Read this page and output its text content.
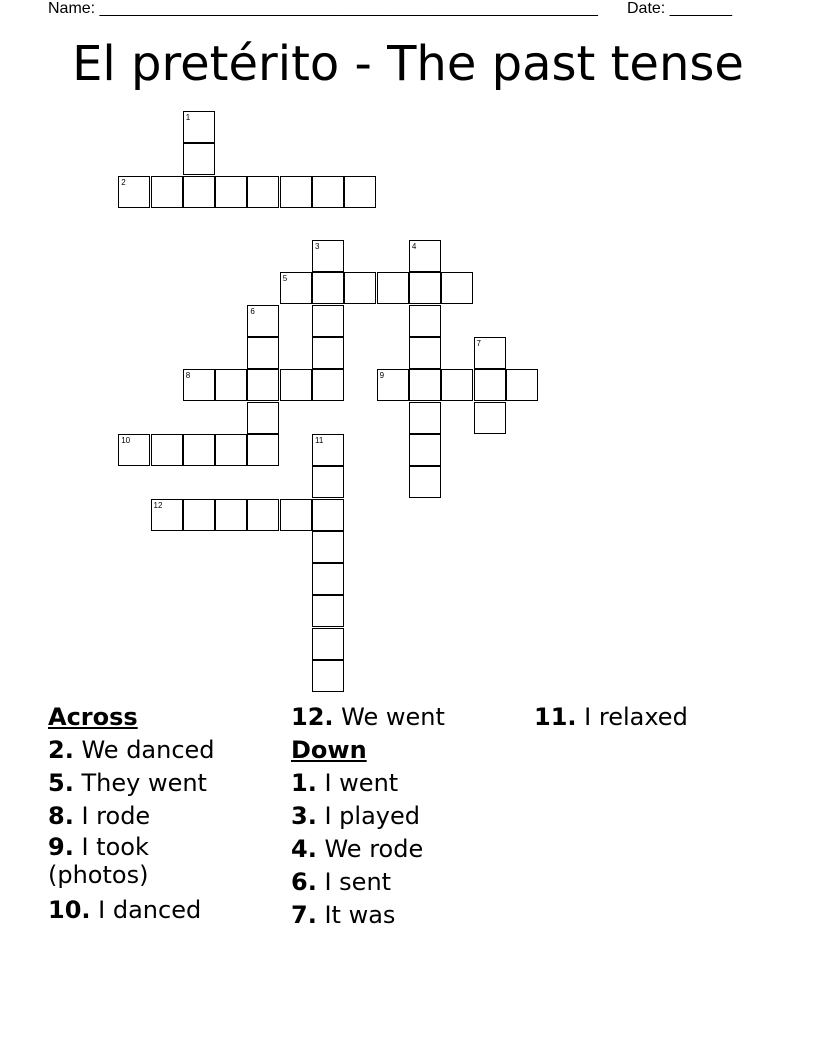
Name: ________________________________________________________ Date: _______
El pretérito - The past tense
1
2
3	4
5
6
7
8	9
10	11
12
Across
2. We danced
5. They went
8. I rode
9. I took (photos)
10. I danced
12. We went
Down
1. I went
3. I played
4. We rode
6. I sent
7. It was
11. I relaxed
